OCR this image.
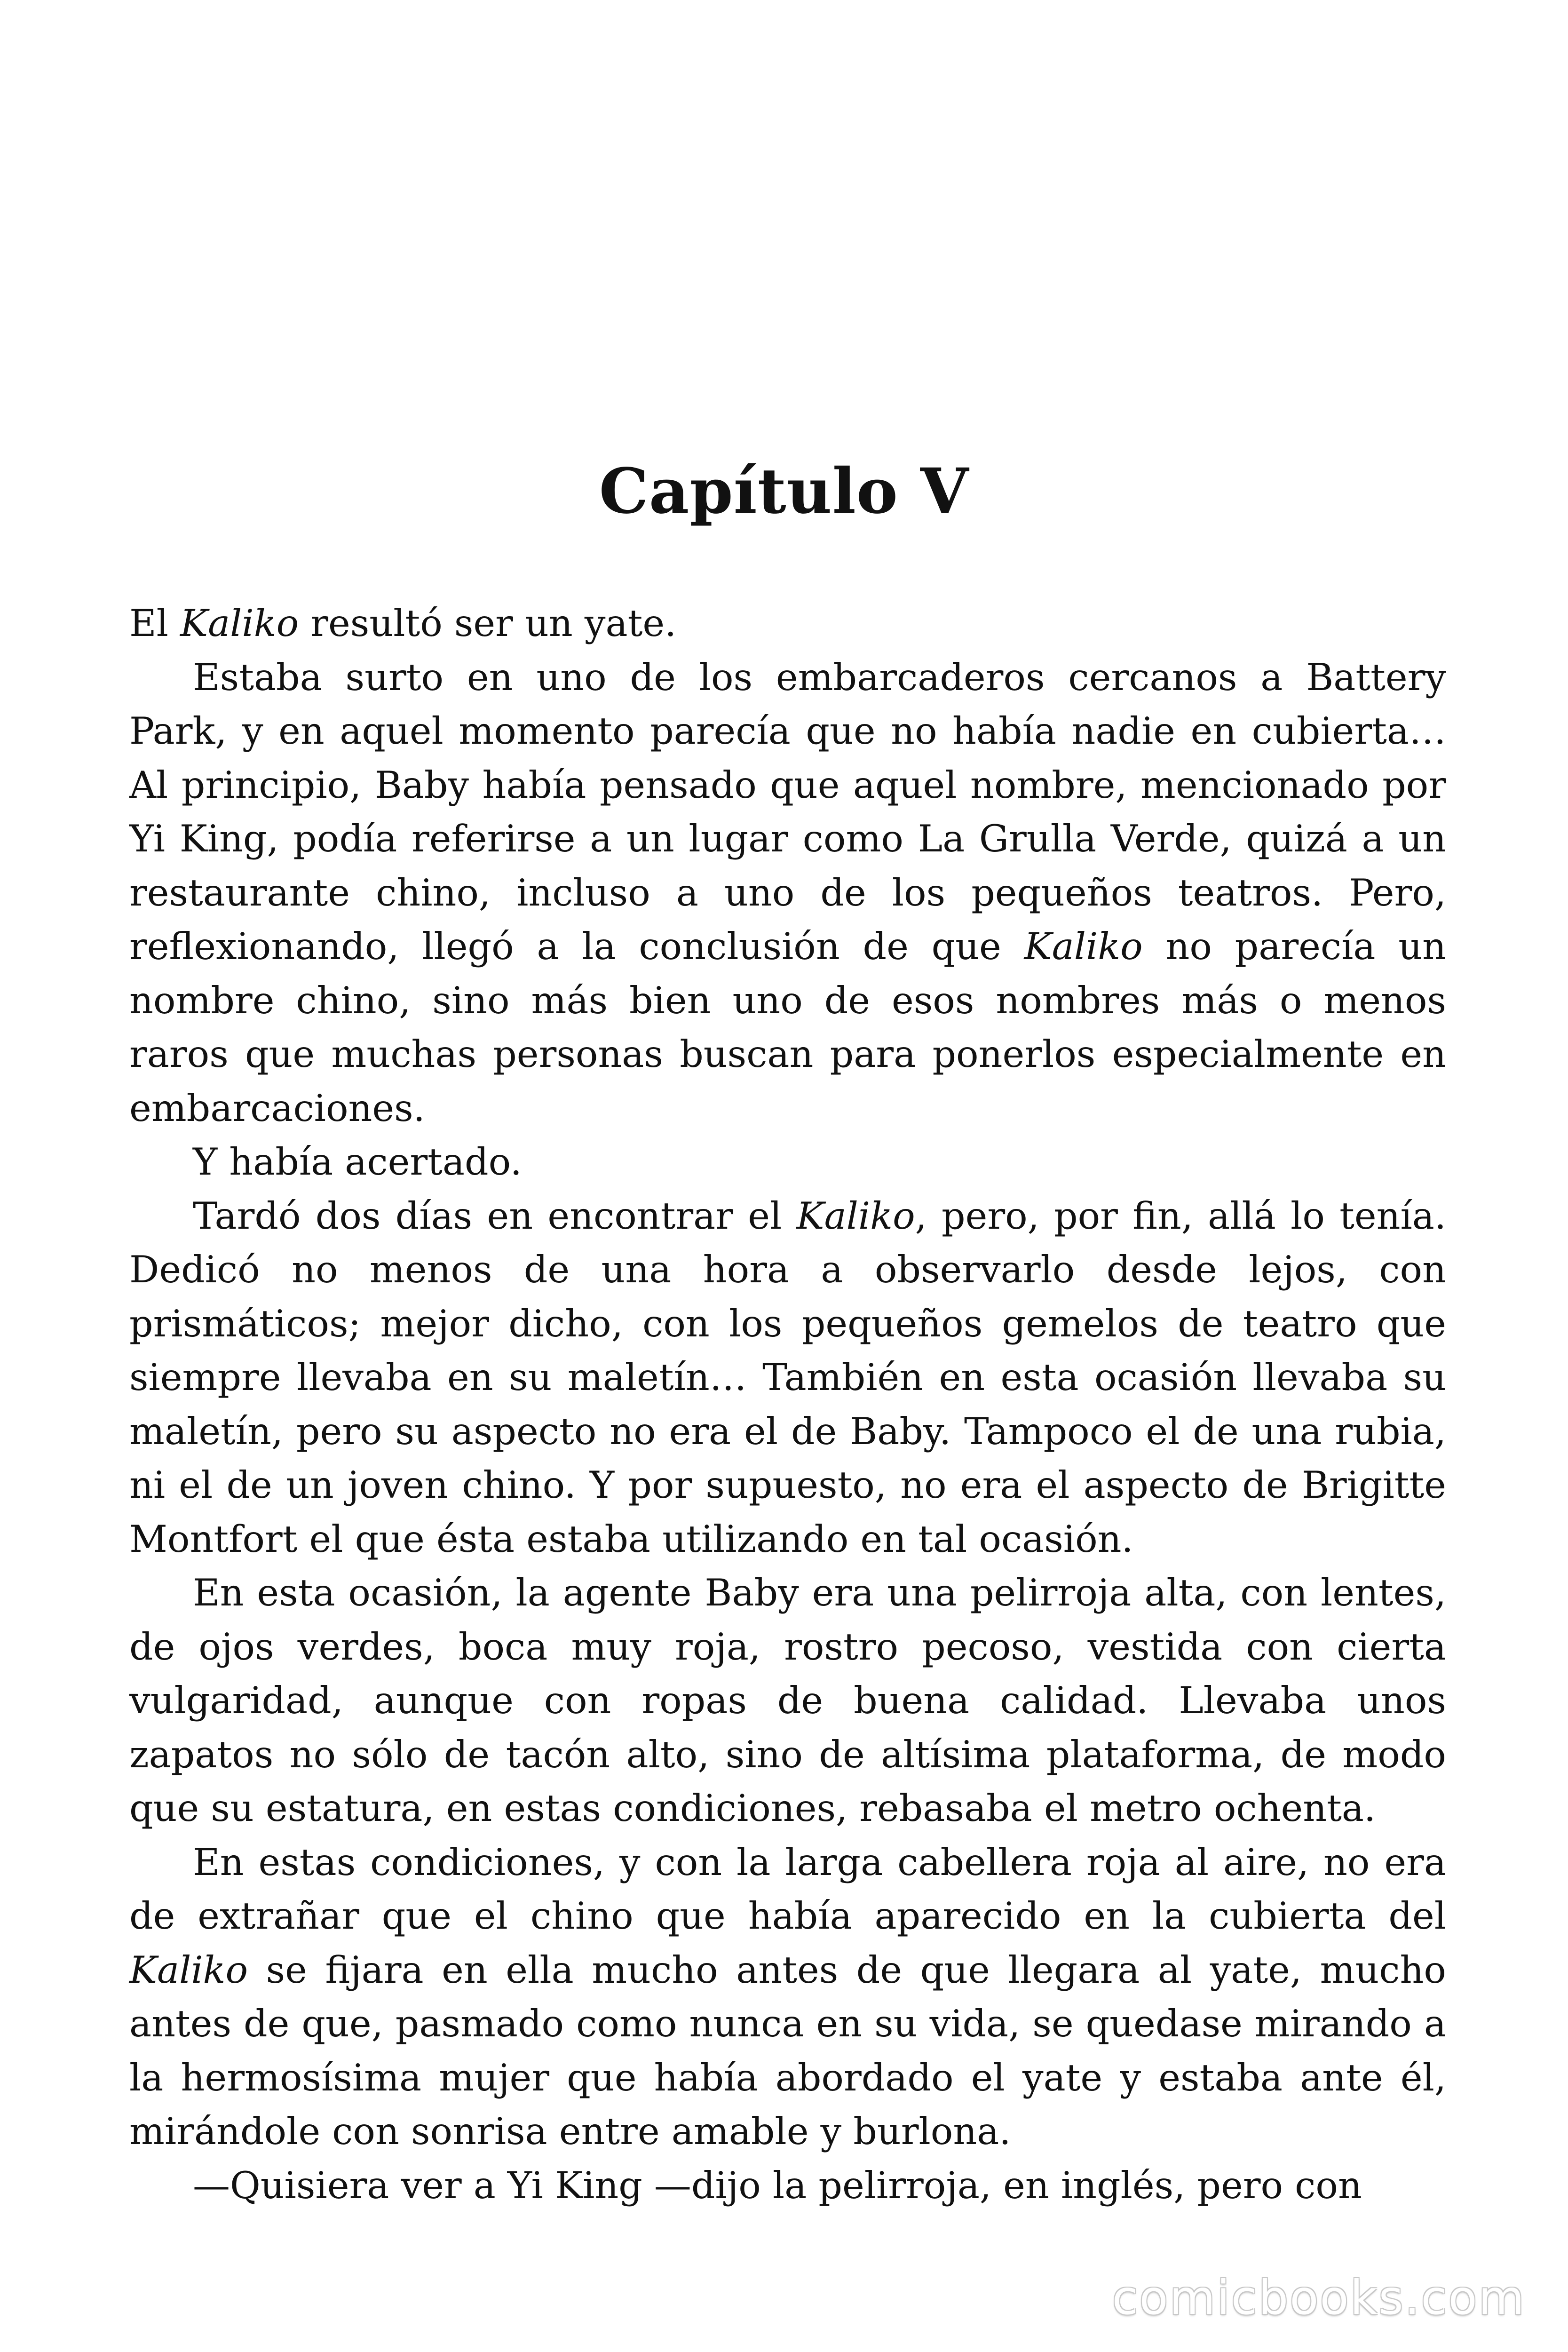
Capítulo V

El Kaliko resultó ser un yate.

Estaba surto en uno de los embarcaderos cercanos a Battery Park, y en aquel momento parecía que no había nadie en cubierta… Al principio, Baby había pensado que aquel nombre, mencionado por Yi King, podía referirse a un lugar como La Grulla Verde, quizá a un restaurante chino, incluso a uno de los pequeños teatros. Pero, reflexionando, llegó a la conclusión de que Kaliko no parecía un nombre chino, sino más bien uno de esos nombres más o menos raros que muchas personas buscan para ponerlos especialmente en embarcaciones.

Y había acertado.

Tardó dos días en encontrar el Kaliko, pero, por fin, allá lo tenía. Dedicó no menos de una hora a observarlo desde lejos, con prismáticos; mejor dicho, con los pequeños gemelos de teatro que siempre llevaba en su maletín… También en esta ocasión llevaba su maletín, pero su aspecto no era el de Baby. Tampoco el de una rubia, ni el de un joven chino. Y por supuesto, no era el aspecto de Brigitte Montfort el que ésta estaba utilizando en tal ocasión.

En esta ocasión, la agente Baby era una pelirroja alta, con lentes, de ojos verdes, boca muy roja, rostro pecoso, vestida con cierta vulgaridad, aunque con ropas de buena calidad. Llevaba unos zapatos no sólo de tacón alto, sino de altísima plataforma, de modo que su estatura, en estas condiciones, rebasaba el metro ochenta.

En estas condiciones, y con la larga cabellera roja al aire, no era de extrañar que el chino que había aparecido en la cubierta del Kaliko se fijara en ella mucho antes de que llegara al yate, mucho antes de que, pasmado como nunca en su vida, se quedase mirando a la hermosísima mujer que había abordado el yate y estaba ante él, mirándole con sonrisa entre amable y burlona.

—Quisiera ver a Yi King —dijo la pelirroja, en inglés, pero con

comicbooks.com
